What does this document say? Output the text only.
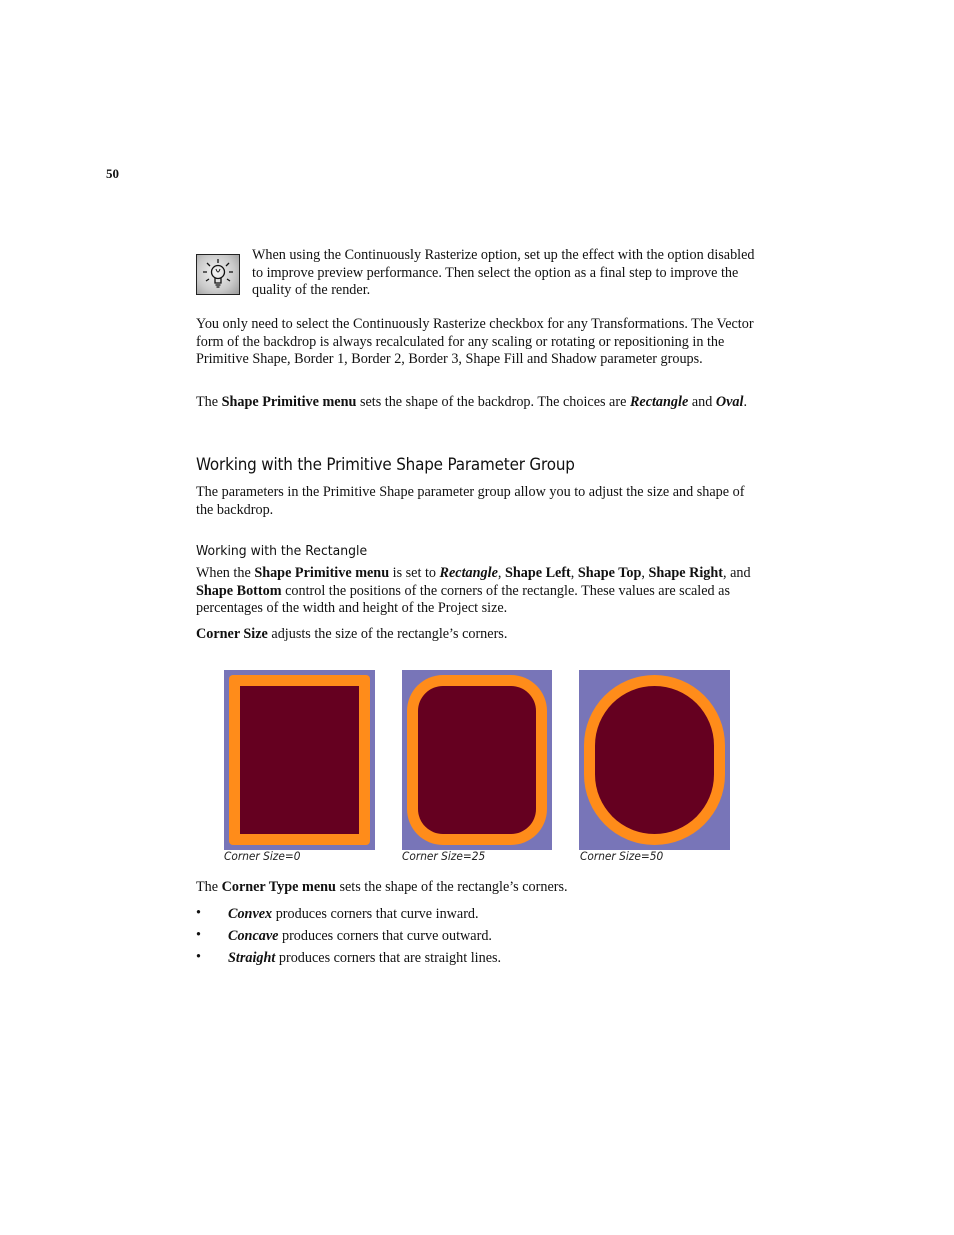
50
When using the Continuously Rasterize option, set up the effect with the option disabled to improve preview performance. Then select the option as a final step to improve the quality of the render.
You only need to select the Continuously Rasterize checkbox for any Transformations. The Vector form of the backdrop is always recalculated for any scaling or rotating or repositioning in the Primitive Shape, Border 1, Border 2, Border 3, Shape Fill and Shadow parameter groups.
The Shape Primitive menu sets the shape of the backdrop. The choices are Rectangle and Oval.
Working with the Primitive Shape Parameter Group
The parameters in the Primitive Shape parameter group allow you to adjust the size and shape of the backdrop.
Working with the Rectangle
When the Shape Primitive menu is set to Rectangle, Shape Left, Shape Top, Shape Right, and Shape Bottom control the positions of the corners of the rectangle. These values are scaled as percentages of the width and height of the Project size.
Corner Size adjusts the size of the rectangle’s corners.
Corner Size=0	Corner Size=25	Corner Size=50
The Corner Type menu sets the shape of the rectangle’s corners.
• Convex produces corners that curve inward.
• Concave produces corners that curve outward.
• Straight produces corners that are straight lines.
